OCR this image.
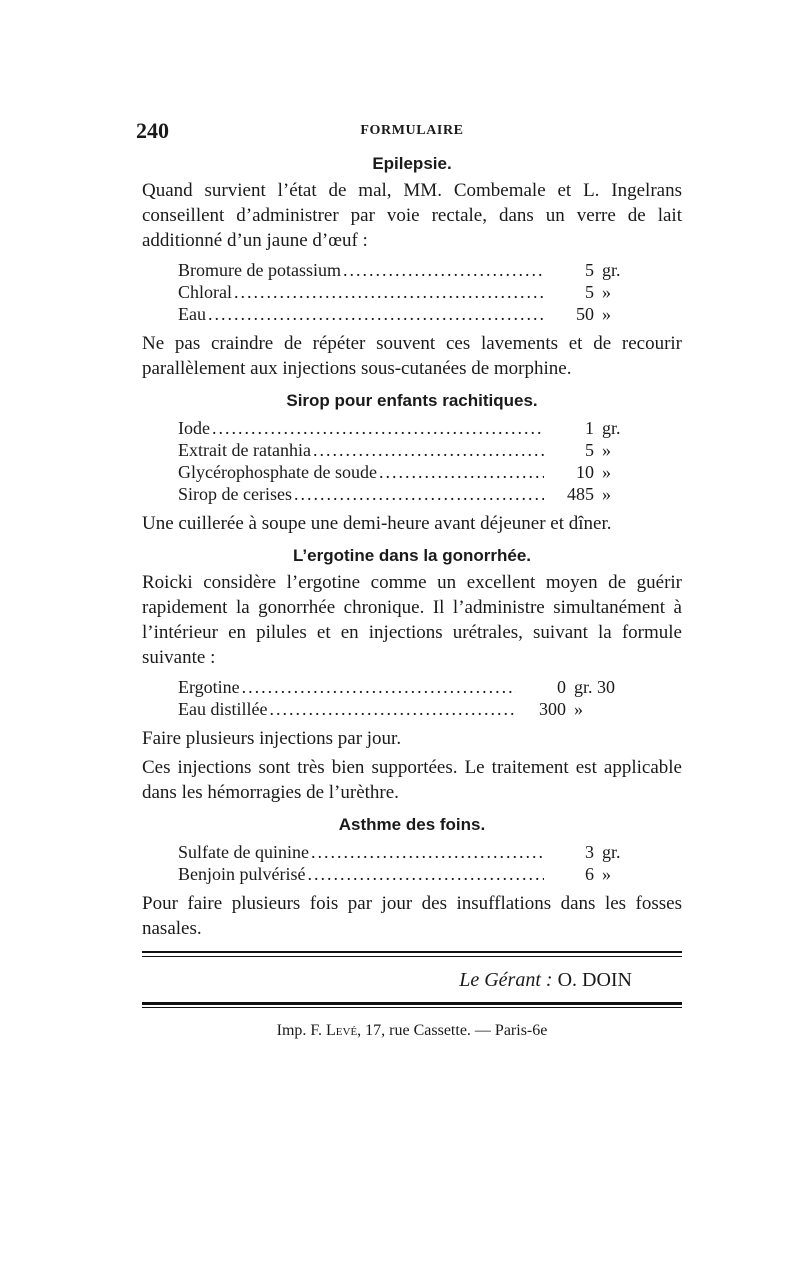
240	FORMULAIRE
Epilepsie.

Quand survient l’état de mal, MM. Combemale et L. Ingelrans conseillent d’administrer par voie rectale, dans un verre de lait additionné d’un jaune d’œuf :

Bromure de potassium .....	5 gr.
Chloral .....	5 »
Eau .....	50 »

Ne pas craindre de répéter souvent ces lavements et de recourir parallèlement aux injections sous-cutanées de morphine.

Sirop pour enfants rachitiques.
Iode .....	1 gr.
Extrait de ratanhia .....	5 »
Glycérophosphate de soude .....	10 »
Sirop de cerises .....	485 »

Une cuillerée à soupe une demi-heure avant déjeuner et dîner.

L’ergotine dans la gonorrhée.

Roicki considère l’ergotine comme un excellent moyen de guérir rapidement la gonorrhée chronique. Il l’administre simultanément à l’intérieur en pilules et en injections urétrales, suivant la formule suivante :

Ergotine .....	0 gr. 30
Eau distillée .....	300 »

Faire plusieurs injections par jour.

Ces injections sont très bien supportées. Le traitement est applicable dans les hémorragies de l’urèthre.

Asthme des foins.
Sulfate de quinine .....	3 gr.
Benjoin pulvérisé .....	6 »

Pour faire plusieurs fois par jour des insufflations dans les fosses nasales.

Le Gérant : O. DOIN
Imp. F. Levé, 17, rue Cassette. — Paris-6e
